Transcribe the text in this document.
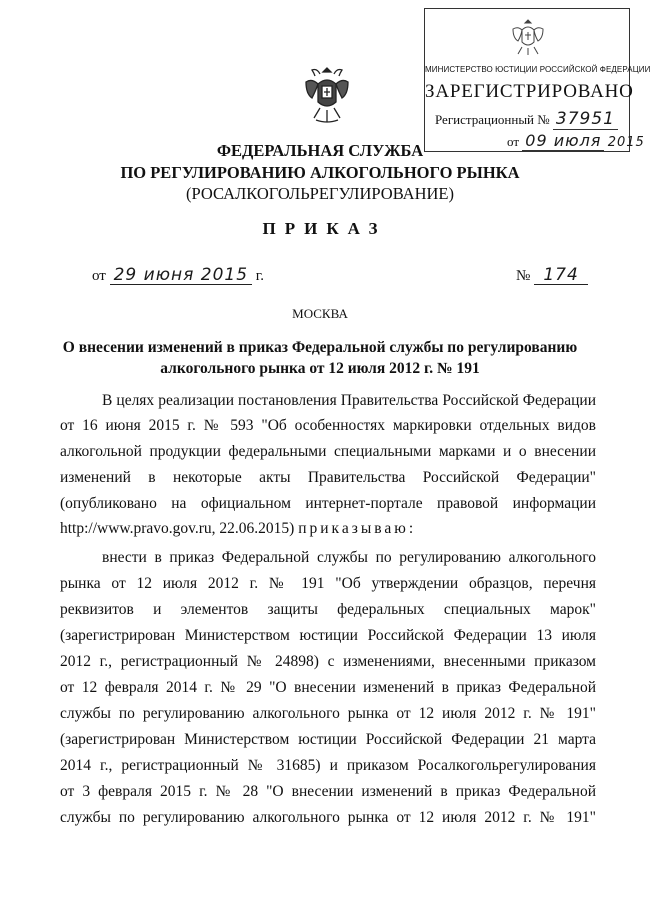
МИНИСТЕРСТВО ЮСТИЦИИ РОССИЙСКОЙ ФЕДЕРАЦИИ
ЗАРЕГИСТРИРОВАНО
Регистрационный № 37951
от 09 июля 2015
ФЕДЕРАЛЬНАЯ СЛУЖБА
ПО РЕГУЛИРОВАНИЮ АЛКОГОЛЬНОГО РЫНКА
(РОСАЛКОГОЛЬРЕГУЛИРОВАНИЕ)
ПРИКАЗ
от 29 июня 2015 г.	№ 174
МОСКВА
О внесении изменений в приказ Федеральной службы по регулированию
алкогольного рынка от 12 июля 2012 г. № 191
В целях реализации постановления Правительства Российской Федерации
от 16 июня 2015 г. № 593 "Об особенностях маркировки отдельных видов
алкогольной продукции федеральными специальными марками и о внесении
изменений в некоторые акты Правительства Российской Федерации"
(опубликовано на официальном интернет-портале правовой информации
http://www.pravo.gov.ru, 22.06.2015) приказываю:
внести в приказ Федеральной службы по регулированию алкогольного
рынка от 12 июля 2012 г. № 191 "Об утверждении образцов, перечня
реквизитов и элементов защиты федеральных специальных марок"
(зарегистрирован Министерством юстиции Российской Федерации 13 июля
2012 г., регистрационный № 24898) с изменениями, внесенными приказом
от 12 февраля 2014 г. № 29 "О внесении изменений в приказ Федеральной
службы по регулированию алкогольного рынка от 12 июля 2012 г. № 191"
(зарегистрирован Министерством юстиции Российской Федерации 21 марта
2014 г., регистрационный № 31685) и приказом Росалкогольрегулирования
от 3 февраля 2015 г. № 28 "О внесении изменений в приказ Федеральной
службы по регулированию алкогольного рынка от 12 июля 2012 г. № 191"
